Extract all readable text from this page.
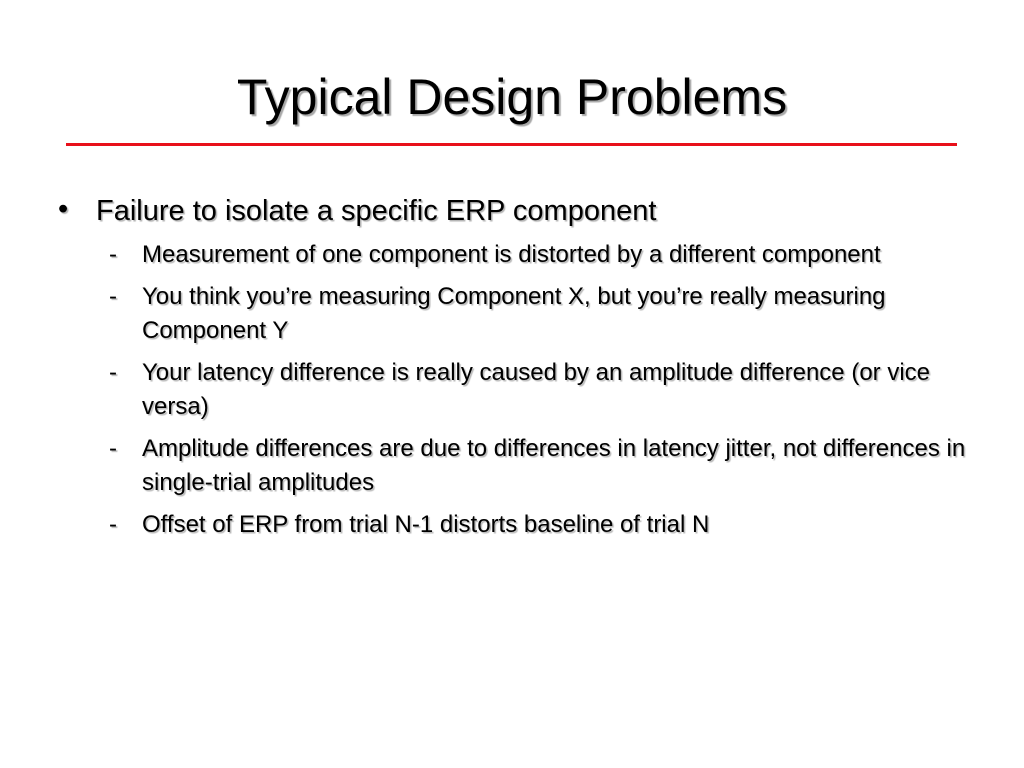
Typical Design Problems
• Failure to isolate a specific ERP component
- Measurement of one component is distorted by a different component
- You think you’re measuring Component X, but you’re really measuring Component Y
- Your latency difference is really caused by an amplitude difference (or vice versa)
- Amplitude differences are due to differences in latency jitter, not differences in single-trial amplitudes
- Offset of ERP from trial N-1 distorts baseline of trial N
